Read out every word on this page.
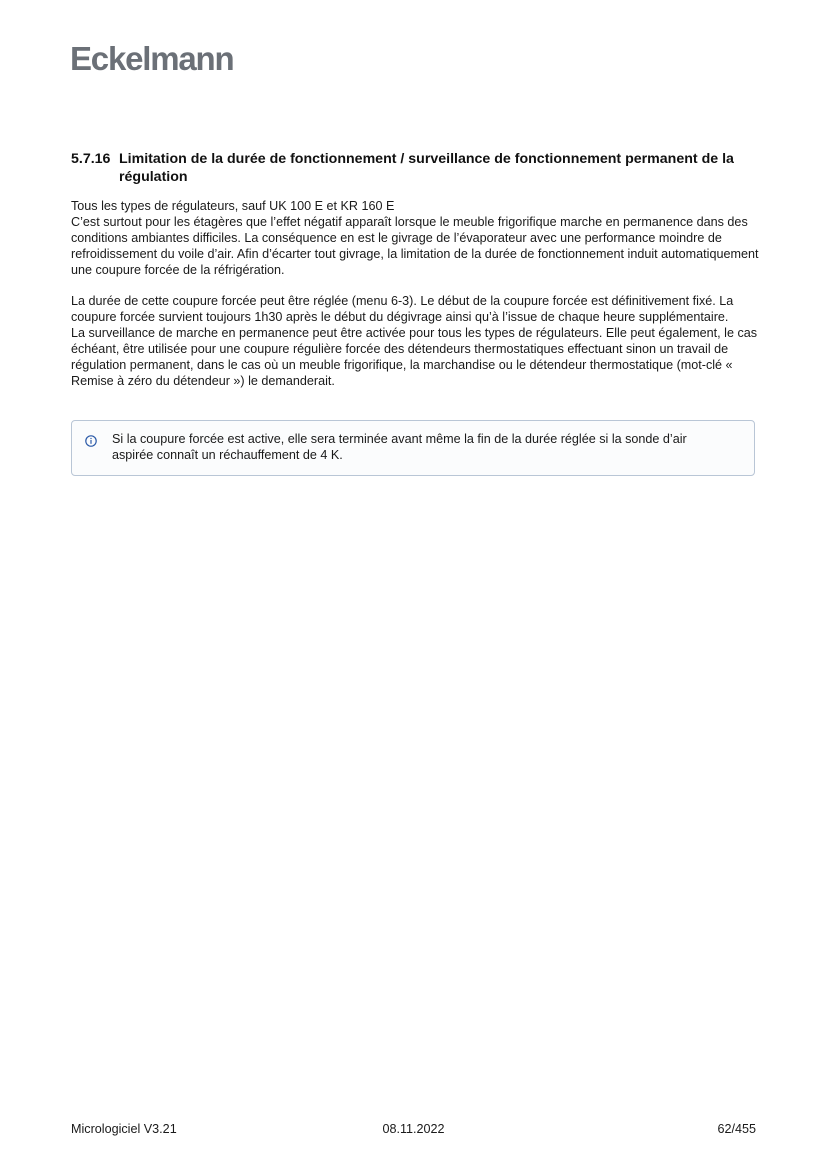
Eckelmann
5.7.16 Limitation de la durée de fonctionnement / surveillance de fonctionnement permanent de la régulation

Tous les types de régulateurs, sauf UK 100 E et KR 160 E

C’est surtout pour les étagères que l’effet négatif apparaît lorsque le meuble frigorifique marche en permanence dans des conditions ambiantes difficiles. La conséquence en est le givrage de l’évaporateur avec une performance moindre de refroidissement du voile d’air. Afin d’écarter tout givrage, la limitation de la durée de fonctionnement induit automatiquement une coupure forcée de la réfrigération.

La durée de cette coupure forcée peut être réglée (menu 6-3). Le début de la coupure forcée est définitivement fixé. La coupure forcée survient toujours 1h30 après le début du dégivrage ainsi qu’à l’issue de chaque heure supplémentaire.

La surveillance de marche en permanence peut être activée pour tous les types de régulateurs. Elle peut également, le cas échéant, être utilisée pour une coupure régulière forcée des détendeurs thermostatiques effectuant sinon un travail de régulation permanent, dans le cas où un meuble frigorifique, la marchandise ou le détendeur thermostatique (mot-clé « Remise à zéro du détendeur ») le demanderait.

Si la coupure forcée est active, elle sera terminée avant même la fin de la durée réglée si la sonde d’air aspirée connaît un réchauffement de 4 K.
Micrologiciel V3.21	08.11.2022	62/455
